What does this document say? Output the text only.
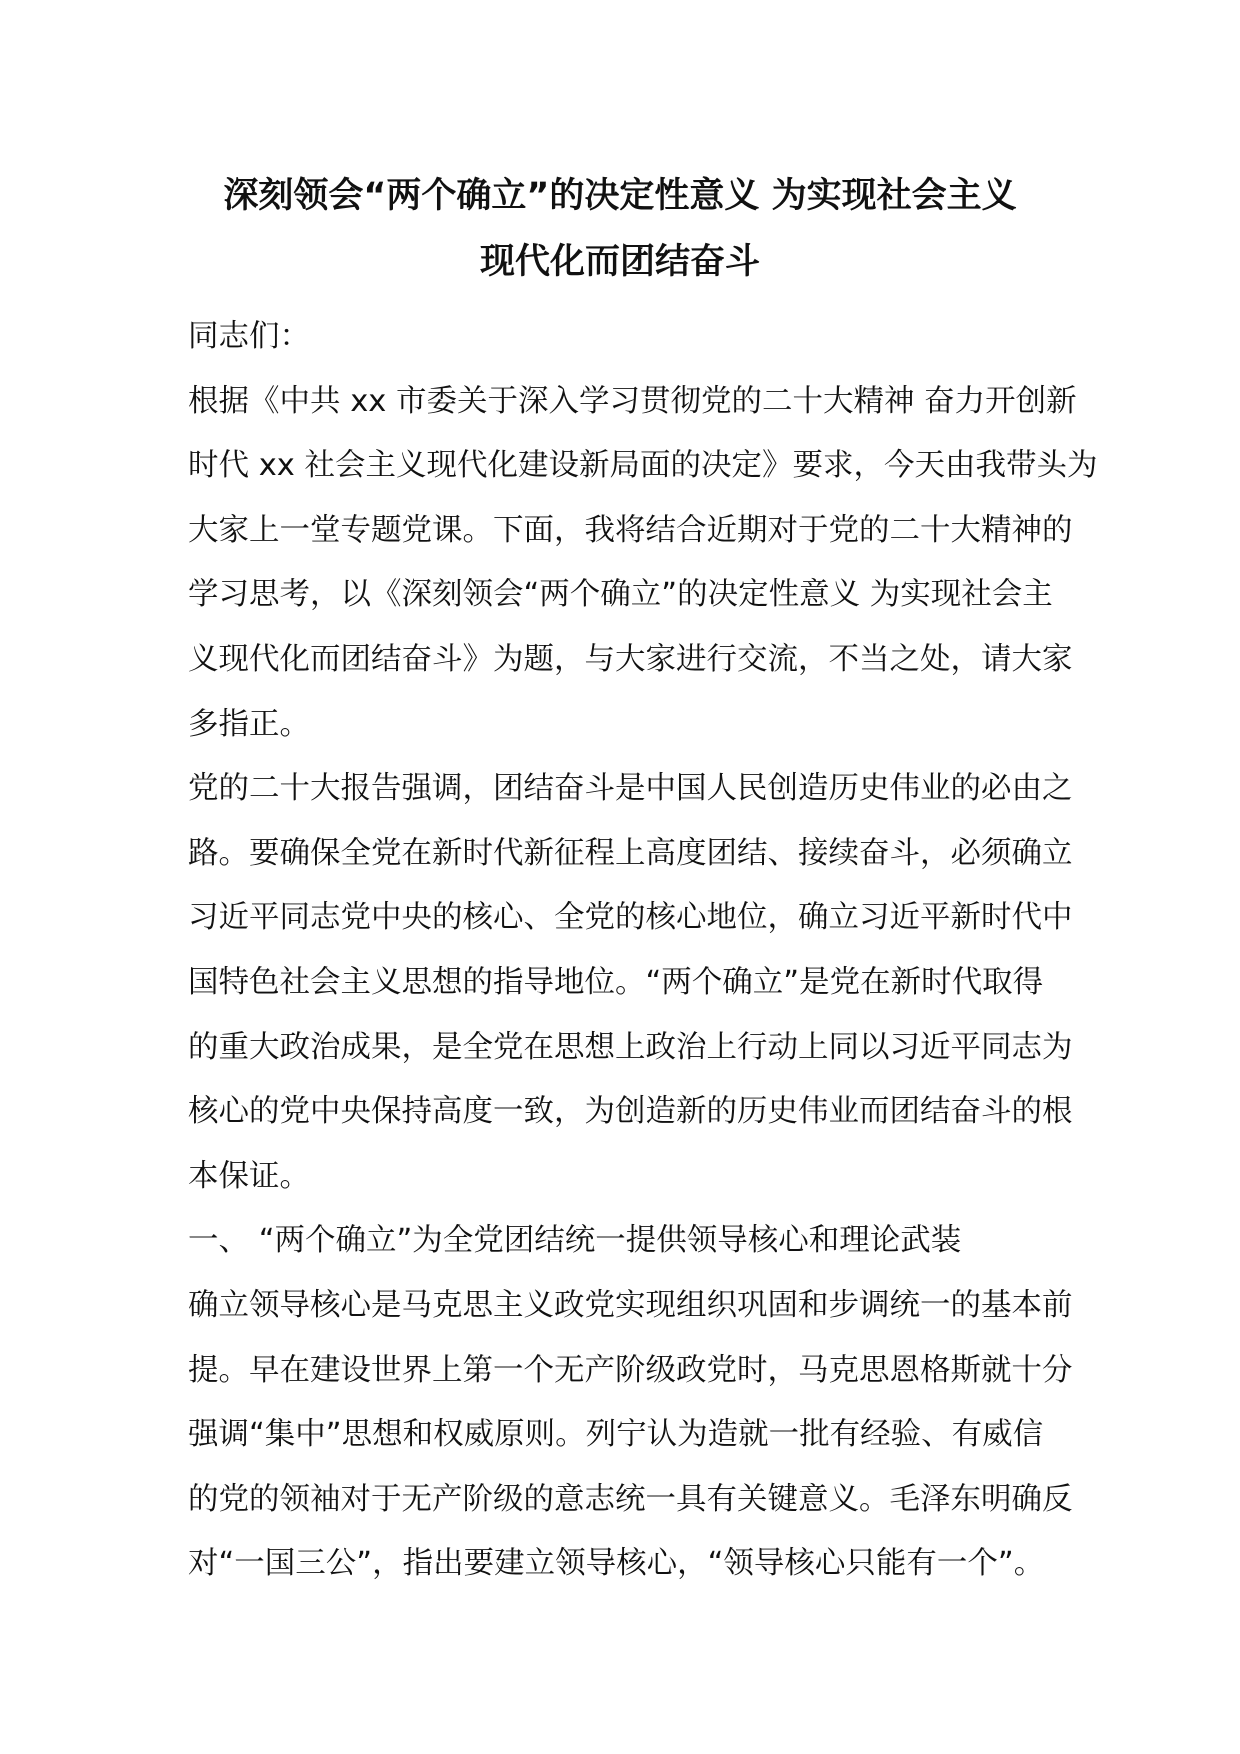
深刻领会“两个确立”的决定性意义 为实现社会主义
现代化而团结奋斗
同志们：
根据《中共 xx 市委关于深入学习贯彻党的二十大精神 奋力开创新
时代 xx 社会主义现代化建设新局面的决定》要求，今天由我带头为
大家上一堂专题党课。下面，我将结合近期对于党的二十大精神的
学习思考，以《深刻领会“两个确立”的决定性意义 为实现社会主
义现代化而团结奋斗》为题，与大家进行交流，不当之处，请大家
多指正。
党的二十大报告强调，团结奋斗是中国人民创造历史伟业的必由之
路。要确保全党在新时代新征程上高度团结、接续奋斗，必须确立
习近平同志党中央的核心、全党的核心地位，确立习近平新时代中
国特色社会主义思想的指导地位。“两个确立”是党在新时代取得
的重大政治成果，是全党在思想上政治上行动上同以习近平同志为
核心的党中央保持高度一致，为创造新的历史伟业而团结奋斗的根
本保证。
一、 “两个确立”为全党团结统一提供领导核心和理论武装
确立领导核心是马克思主义政党实现组织巩固和步调统一的基本前
提。早在建设世界上第一个无产阶级政党时，马克思恩格斯就十分
强调“集中”思想和权威原则。列宁认为造就一批有经验、有威信
的党的领袖对于无产阶级的意志统一具有关键意义。毛泽东明确反
对“一国三公”，指出要建立领导核心，“领导核心只能有一个”。
